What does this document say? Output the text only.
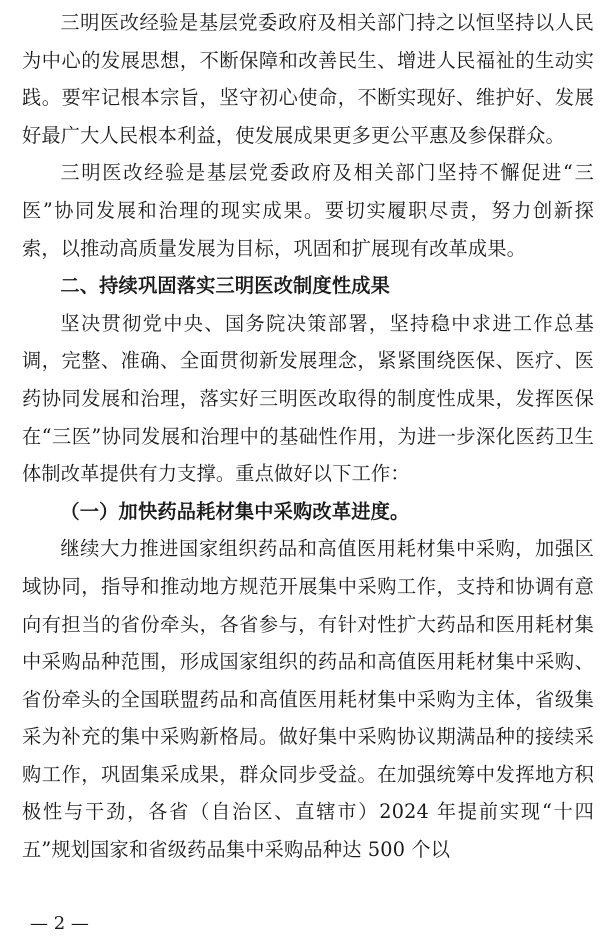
三明医改经验是基层党委政府及相关部门持之以恒坚持以人民为中心的发展思想，不断保障和改善民生、增进人民福祉的生动实践。要牢记根本宗旨，坚守初心使命，不断实现好、维护好、发展好最广大人民根本利益，使发展成果更多更公平惠及参保群众。

三明医改经验是基层党委政府及相关部门坚持不懈促进“三医”协同发展和治理的现实成果。要切实履职尽责，努力创新探索，以推动高质量发展为目标，巩固和扩展现有改革成果。

二、持续巩固落实三明医改制度性成果

坚决贯彻党中央、国务院决策部署，坚持稳中求进工作总基调，完整、准确、全面贯彻新发展理念，紧紧围绕医保、医疗、医药协同发展和治理，落实好三明医改取得的制度性成果，发挥医保在“三医”协同发展和治理中的基础性作用，为进一步深化医药卫生体制改革提供有力支撑。重点做好以下工作：

（一）加快药品耗材集中采购改革进度。

继续大力推进国家组织药品和高值医用耗材集中采购，加强区域协同，指导和推动地方规范开展集中采购工作，支持和协调有意向有担当的省份牵头，各省参与，有针对性扩大药品和医用耗材集中采购品种范围，形成国家组织的药品和高值医用耗材集中采购、省份牵头的全国联盟药品和高值医用耗材集中采购为主体，省级集采为补充的集中采购新格局。做好集中采购协议期满品种的接续采购工作，巩固集采成果，群众同步受益。在加强统筹中发挥地方积极性与干劲，各省（自治区、直辖市）2024 年提前实现“十四五”规划国家和省级药品集中采购品种达 500 个以

— 2 —
